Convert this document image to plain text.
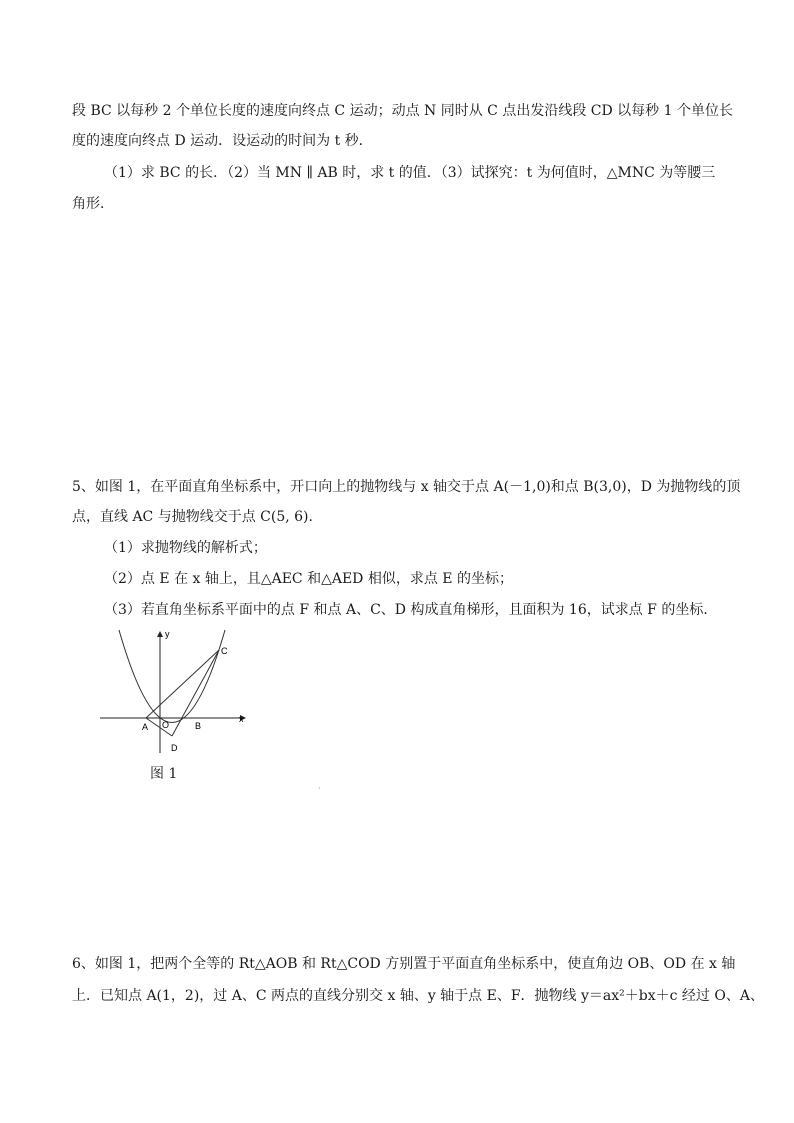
段 BC 以每秒 2 个单位长度的速度向终点 C 运动；动点 N 同时从 C 点出发沿线段 CD 以每秒 1 个单位长
度的速度向终点 D 运动．设运动的时间为 t 秒．
（1）求 BC 的长．（2）当 MN ∥ AB 时，求 t 的值．（3）试探究：t 为何值时，△MNC 为等腰三
角形．
5、如图 1，在平面直角坐标系中，开口向上的抛物线与 x 轴交于点 A(－1,0)和点 B(3,0)，D 为抛物线的顶
点，直线 AC 与抛物线交于点 C(5, 6).
（1）求抛物线的解析式；
（2）点 E 在 x 轴上，且△AEC 和△AED 相似，求点 E 的坐标；
（3）若直角坐标系平面中的点 F 和点 A、C、D 构成直角梯形，且面积为 16，试求点 F 的坐标．
y
x
A O	B
C
D
图 1
·
6、如图 1，把两个全等的 Rt△AOB 和 Rt△COD 方别置于平面直角坐标系中，使直角边 OB、OD 在 x 轴
上．已知点 A(1，2)，过 A、C 两点的直线分别交 x 轴、y 轴于点 E、F．抛物线 y＝ax²＋bx＋c 经过 O、A、
